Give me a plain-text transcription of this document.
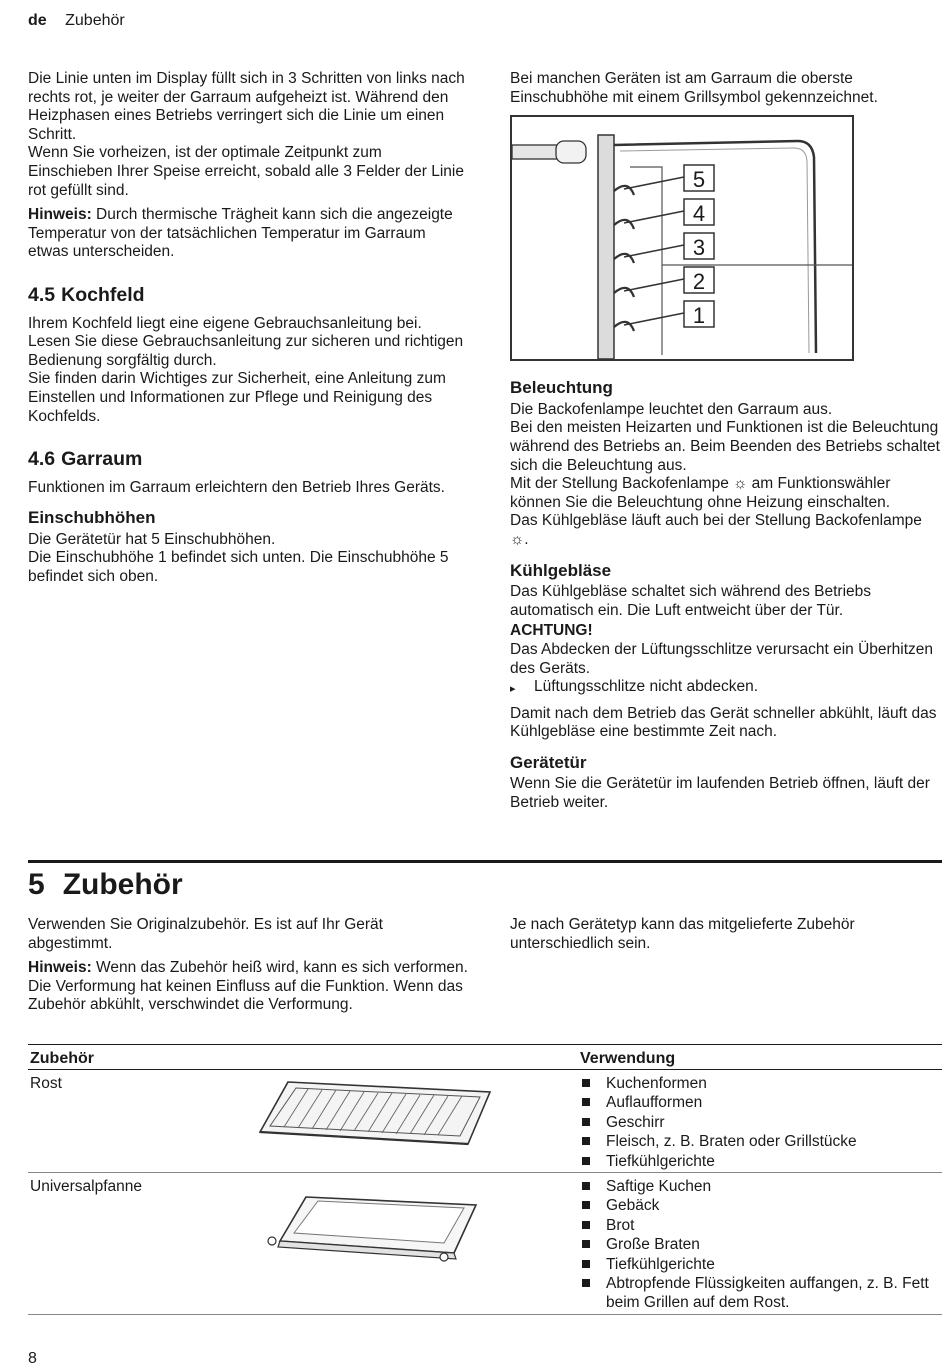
de Zubehör

Die Linie unten im Display füllt sich in 3 Schritten von links nach rechts rot, je weiter der Garraum aufgeheizt ist. Während den Heizphasen eines Betriebs verringert sich die Linie um einen Schritt.

Wenn Sie vorheizen, ist der optimale Zeitpunkt zum Einschieben Ihrer Speise erreicht, sobald alle 3 Felder der Linie rot gefüllt sind.

Hinweis: Durch thermische Trägheit kann sich die angezeigte Temperatur von der tatsächlichen Temperatur im Garraum etwas unterscheiden.

4.5 Kochfeld

Ihrem Kochfeld liegt eine eigene Gebrauchsanleitung bei. Lesen Sie diese Gebrauchsanleitung zur sicheren und richtigen Bedienung sorgfältig durch.

Sie finden darin Wichtiges zur Sicherheit, eine Anleitung zum Einstellen und Informationen zur Pflege und Reinigung des Kochfelds.

4.6 Garraum

Funktionen im Garraum erleichtern den Betrieb Ihres Geräts.

Einschubhöhen

Die Gerätetür hat 5 Einschubhöhen.

Die Einschubhöhe 1 befindet sich unten. Die Einschubhöhe 5 befindet sich oben.

Bei manchen Geräten ist am Garraum die oberste Einschubhöhe mit einem Grillsymbol gekennzeichnet.

5
4
3
2
1
Beleuchtung

Die Backofenlampe leuchtet den Garraum aus.

Bei den meisten Heizarten und Funktionen ist die Beleuchtung während des Betriebs an. Beim Beenden des Betriebs schaltet sich die Beleuchtung aus.

Mit der Stellung Backofenlampe ☼ am Funktionswähler können Sie die Beleuchtung ohne Heizung einschalten.

Das Kühlgebläse läuft auch bei der Stellung Backofenlampe ☼.

Kühlgebläse

Das Kühlgebläse schaltet sich während des Betriebs automatisch ein. Die Luft entweicht über der Tür.

ACHTUNG!

Das Abdecken der Lüftungsschlitze verursacht ein Überhitzen des Geräts.

▸	Lüftungsschlitze nicht abdecken.

Damit nach dem Betrieb das Gerät schneller abkühlt, läuft das Kühlgebläse eine bestimmte Zeit nach.

Gerätetür

Wenn Sie die Gerätetür im laufenden Betrieb öffnen, läuft der Betrieb weiter.

5 Zubehör

Verwenden Sie Originalzubehör. Es ist auf Ihr Gerät abgestimmt.

Hinweis: Wenn das Zubehör heiß wird, kann es sich verformen. Die Verformung hat keinen Einfluss auf die Funktion. Wenn das Zubehör abkühlt, verschwindet die Verformung.

Je nach Gerätetyp kann das mitgelieferte Zubehör unterschiedlich sein.

Zubehör	Verwendung
Rost	Kuchenformen
Auflaufformen
Geschirr
Fleisch, z. B. Braten oder Grillstücke
Tiefkühlgerichte
Universalpfanne	Saftige Kuchen
Gebäck
Brot
Große Braten
Tiefkühlgerichte
Abtropfende Flüssigkeiten auffangen, z. B. Fett beim Grillen auf dem Rost.
8
